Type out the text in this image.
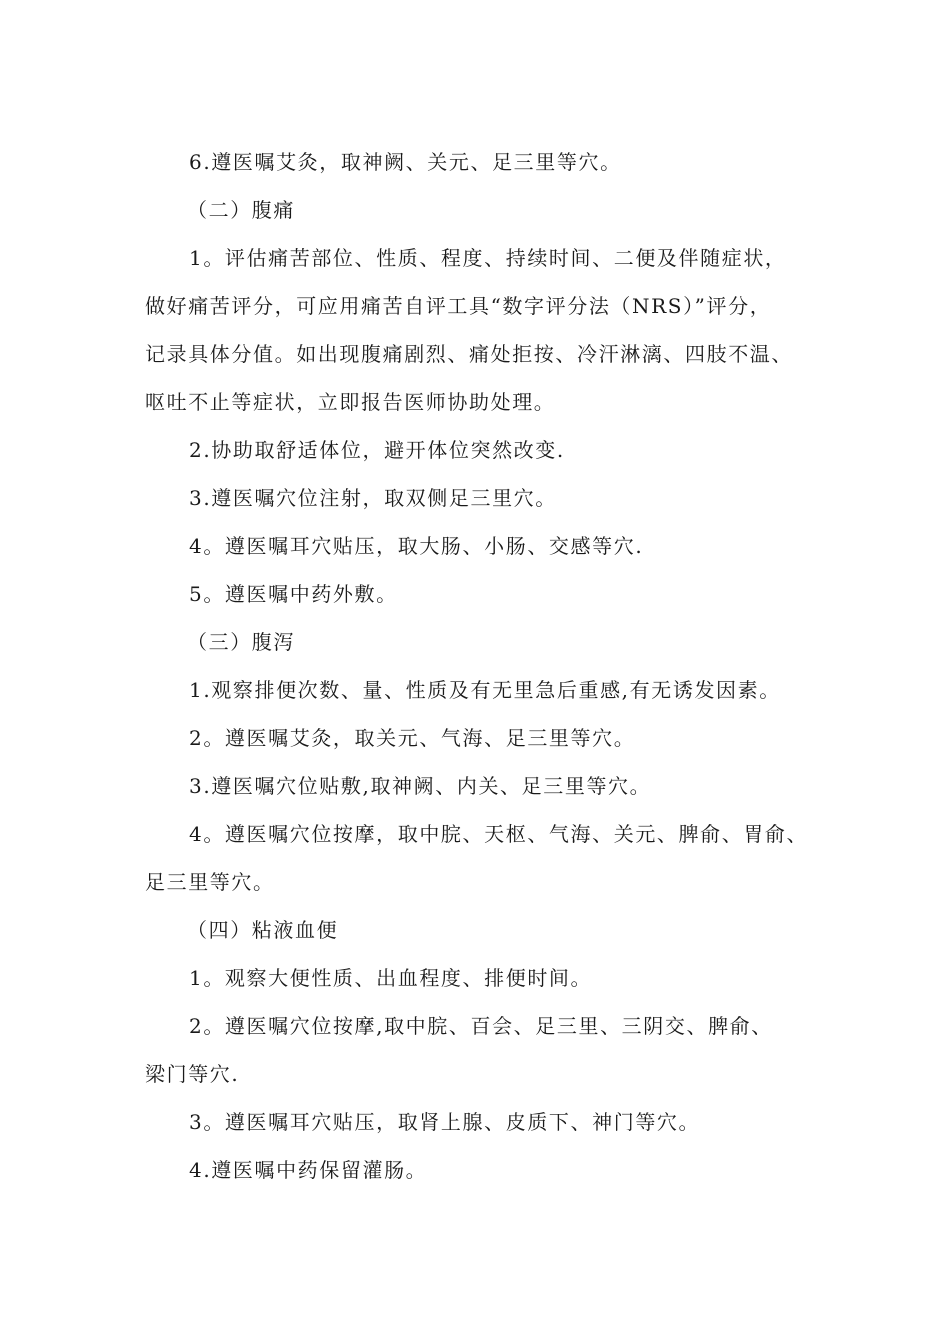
6.遵医嘱艾灸，取神阙、关元、足三里等穴。
（二）腹痛
1。评估痛苦部位、性质、程度、持续时间、二便及伴随症状，
做好痛苦评分，可应用痛苦自评工具“数字评分法（NRS）”评分，
记录具体分值。如出现腹痛剧烈、痛处拒按、冷汗淋漓、四肢不温、
呕吐不止等症状，立即报告医师协助处理。
2.协助取舒适体位，避开体位突然改变.
3.遵医嘱穴位注射，取双侧足三里穴。
4。遵医嘱耳穴贴压，取大肠、小肠、交感等穴.
5。遵医嘱中药外敷。
（三）腹泻
1.观察排便次数、量、性质及有无里急后重感,有无诱发因素。
2。遵医嘱艾灸，取关元、气海、足三里等穴。
3.遵医嘱穴位贴敷,取神阙、内关、足三里等穴。
4。遵医嘱穴位按摩，取中脘、天枢、气海、关元、脾俞、胃俞、
足三里等穴。
（四）粘液血便
1。观察大便性质、出血程度、排便时间。
2。遵医嘱穴位按摩,取中脘、百会、足三里、三阴交、脾俞、
梁门等穴.
3。遵医嘱耳穴贴压，取肾上腺、皮质下、神门等穴。
4.遵医嘱中药保留灌肠。
